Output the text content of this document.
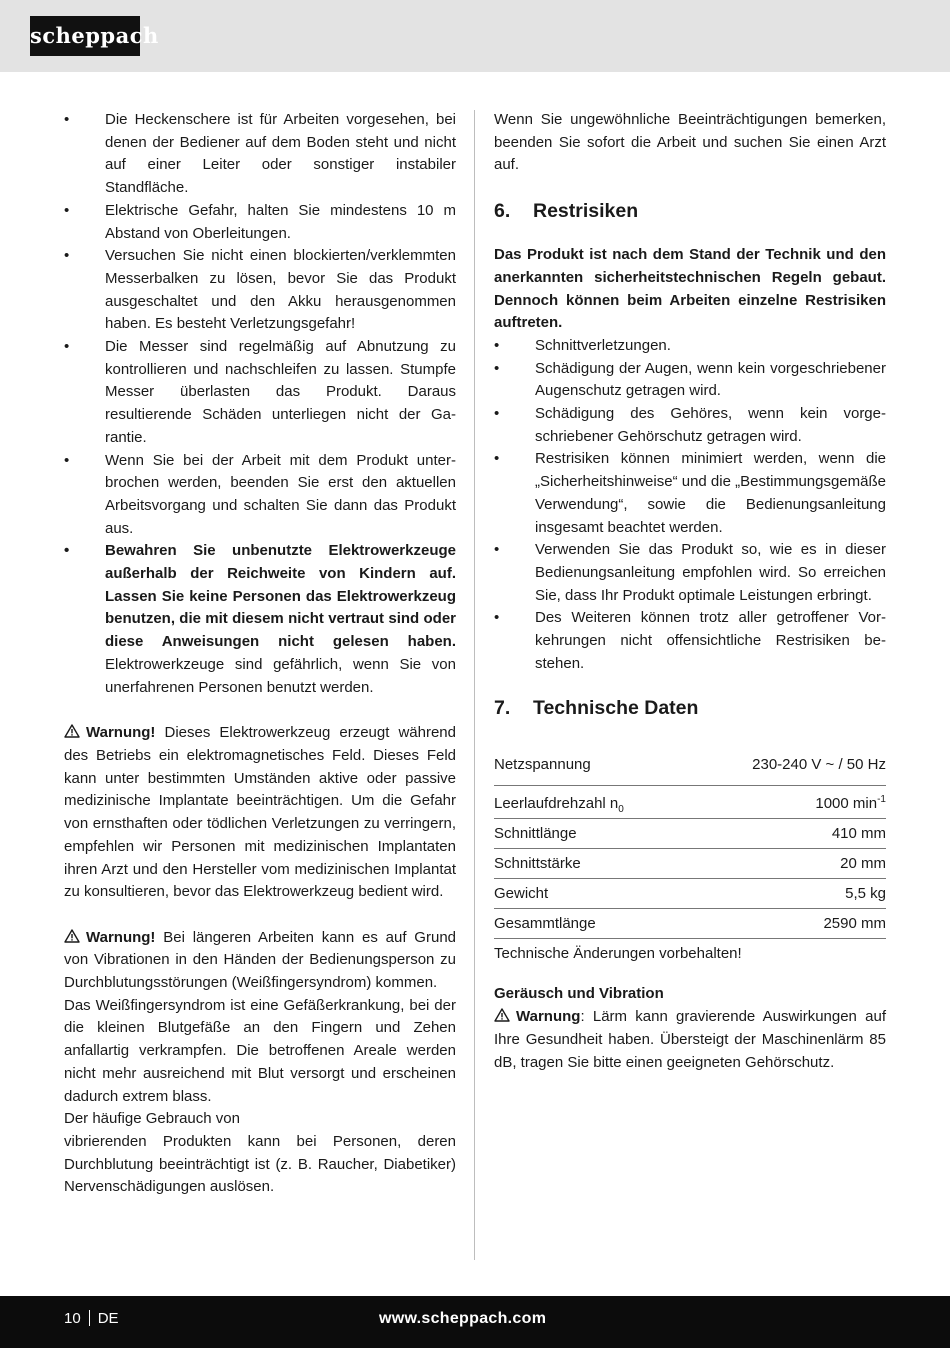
scheppach
• Die Heckenschere ist für Arbeiten vorgesehen, bei denen der Bediener auf dem Boden steht und nicht auf einer Leiter oder sonstiger instabiler Standfläche.
• Elektrische Gefahr, halten Sie mindestens 10 m Abstand von Oberleitungen.
• Versuchen Sie nicht einen blockierten/verklemmten Messerbalken zu lösen, bevor Sie das Produkt ausgeschaltet und den Akku herausgenommen haben. Es besteht Verletzungsgefahr!
• Die Messer sind regelmäßig auf Abnutzung zu kontrollieren und nachschleifen zu lassen. Stumpfe Messer überlasten das Produkt. Daraus resultierende Schäden unterliegen nicht der Garantie.
• Wenn Sie bei der Arbeit mit dem Produkt unterbrochen werden, beenden Sie erst den aktuellen Arbeitsvorgang und schalten Sie dann das Produkt aus.
• Bewahren Sie unbenutzte Elektrowerkzeuge außerhalb der Reichweite von Kindern auf. Lassen Sie keine Personen das Elektrowerkzeug benutzen, die mit diesem nicht vertraut sind oder diese Anweisungen nicht gelesen haben. Elektrowerkzeuge sind gefährlich, wenn Sie von unerfahrenen Personen benutzt werden.

Warnung! Dieses Elektrowerkzeug erzeugt während des Betriebs ein elektromagnetisches Feld. Dieses Feld kann unter bestimmten Umständen aktive oder passive medizinische Implantate beeinträchtigen. Um die Gefahr von ernsthaften oder tödlichen Verletzungen zu verringern, empfehlen wir Personen mit medizinischen Implantaten ihren Arzt und den Hersteller vom medizinischen Implantat zu konsultieren, bevor das Elektrowerkzeug bedient wird.

Warnung! Bei längeren Arbeiten kann es auf Grund von Vibrationen in den Händen der Bedienungsperson zu Durchblutungsstörungen (Weißfingersyndrom) kommen.

Das Weißfingersyndrom ist eine Gefäßerkrankung, bei der die kleinen Blutgefäße an den Fingern und Zehen anfallartig verkrampfen. Die betroffenen Areale werden nicht mehr ausreichend mit Blut versorgt und erscheinen dadurch extrem blass.

Der häufige Gebrauch von

vibrierenden Produkten kann bei Personen, deren Durchblutung beeinträchtigt ist (z. B. Raucher, Diabetiker) Nervenschädigungen auslösen.

Wenn Sie ungewöhnliche Beeinträchtigungen bemerken, beenden Sie sofort die Arbeit und suchen Sie einen Arzt auf.

6. Restrisiken

Das Produkt ist nach dem Stand der Technik und den anerkannten sicherheitstechnischen Regeln gebaut. Dennoch können beim Arbeiten einzelne Restrisiken auftreten.

• Schnittverletzungen.
• Schädigung der Augen, wenn kein vorgeschriebener Augenschutz getragen wird.
• Schädigung des Gehöres, wenn kein vorgeschriebener Gehörschutz getragen wird.
• Restrisiken können minimiert werden, wenn die „Sicherheitshinweise“ und die „Bestimmungsgemäße Verwendung“, sowie die Bedienungsanleitung insgesamt beachtet werden.
• Verwenden Sie das Produkt so, wie es in dieser Bedienungsanleitung empfohlen wird. So erreichen Sie, dass Ihr Produkt optimale Leistungen erbringt.
• Des Weiteren können trotz aller getroffener Vorkehrungen nicht offensichtliche Restrisiken bestehen.
7. Technische Daten
Netzspannung	230-240 V ~ / 50 Hz
Leerlaufdrehzahl $n_0$	1000 $\min^{-1}$
Schnittlänge	410 mm
Schnittstärke	20 mm
Gewicht	5,5 kg
Gesammtlänge	2590 mm

Technische Änderungen vorbehalten!

Geräusch und Vibration

Warnung: Lärm kann gravierende Auswirkungen auf Ihre Gesundheit haben. Übersteigt der Maschinenlärm 85 dB, tragen Sie bitte einen geeigneten Gehörschutz.

10 DE	www.scheppach.com
